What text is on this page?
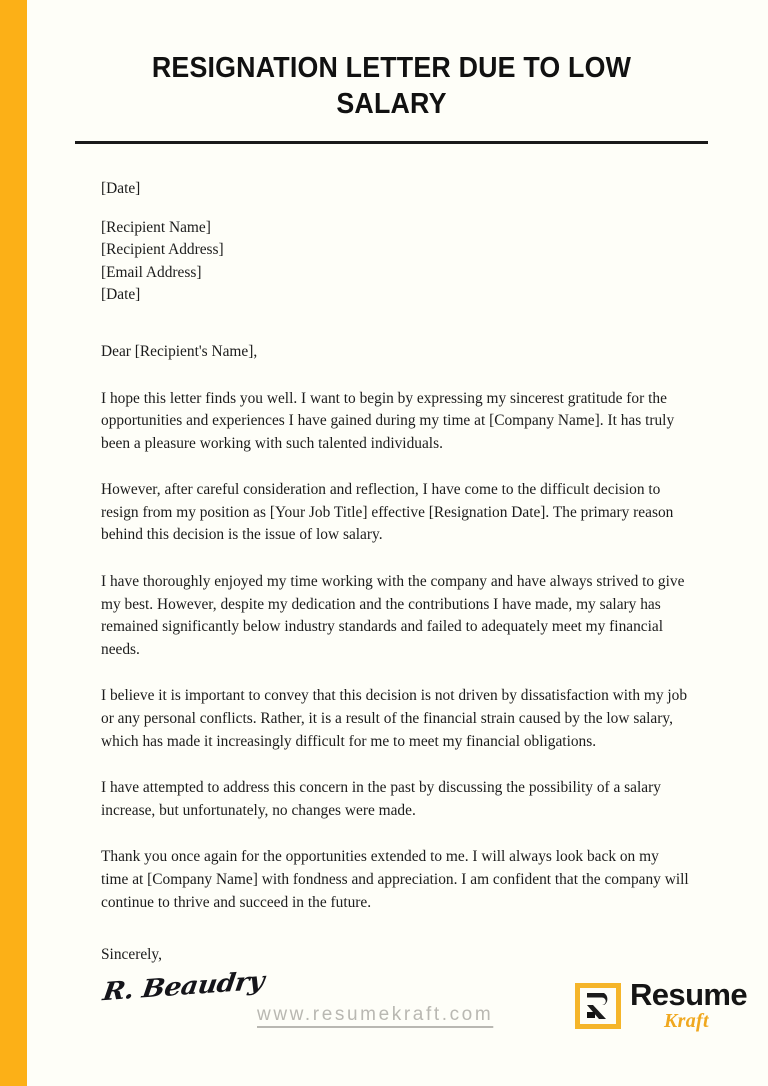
RESIGNATION LETTER DUE TO LOW SALARY

[Date]

[Recipient Name]

[Recipient Address]

[Email Address]

[Date]

Dear [Recipient's Name],

I hope this letter finds you well. I want to begin by expressing my sincerest gratitude for the opportunities and experiences I have gained during my time at [Company Name]. It has truly been a pleasure working with such talented individuals.

However, after careful consideration and reflection, I have come to the difficult decision to resign from my position as [Your Job Title] effective [Resignation Date]. The primary reason behind this decision is the issue of low salary.

I have thoroughly enjoyed my time working with the company and have always strived to give my best. However, despite my dedication and the contributions I have made, my salary has remained significantly below industry standards and failed to adequately meet my financial needs.

I believe it is important to convey that this decision is not driven by dissatisfaction with my job or any personal conflicts. Rather, it is a result of the financial strain caused by the low salary, which has made it increasingly difficult for me to meet my financial obligations.

I have attempted to address this concern in the past by discussing the possibility of a salary increase, but unfortunately, no changes were made.

Thank you once again for the opportunities extended to me. I will always look back on my time at [Company Name] with fondness and appreciation. I am confident that the company will continue to thrive and succeed in the future.

Sincerely,

R. Beaudry
www.resumekraft.com
Resume
Kraft
